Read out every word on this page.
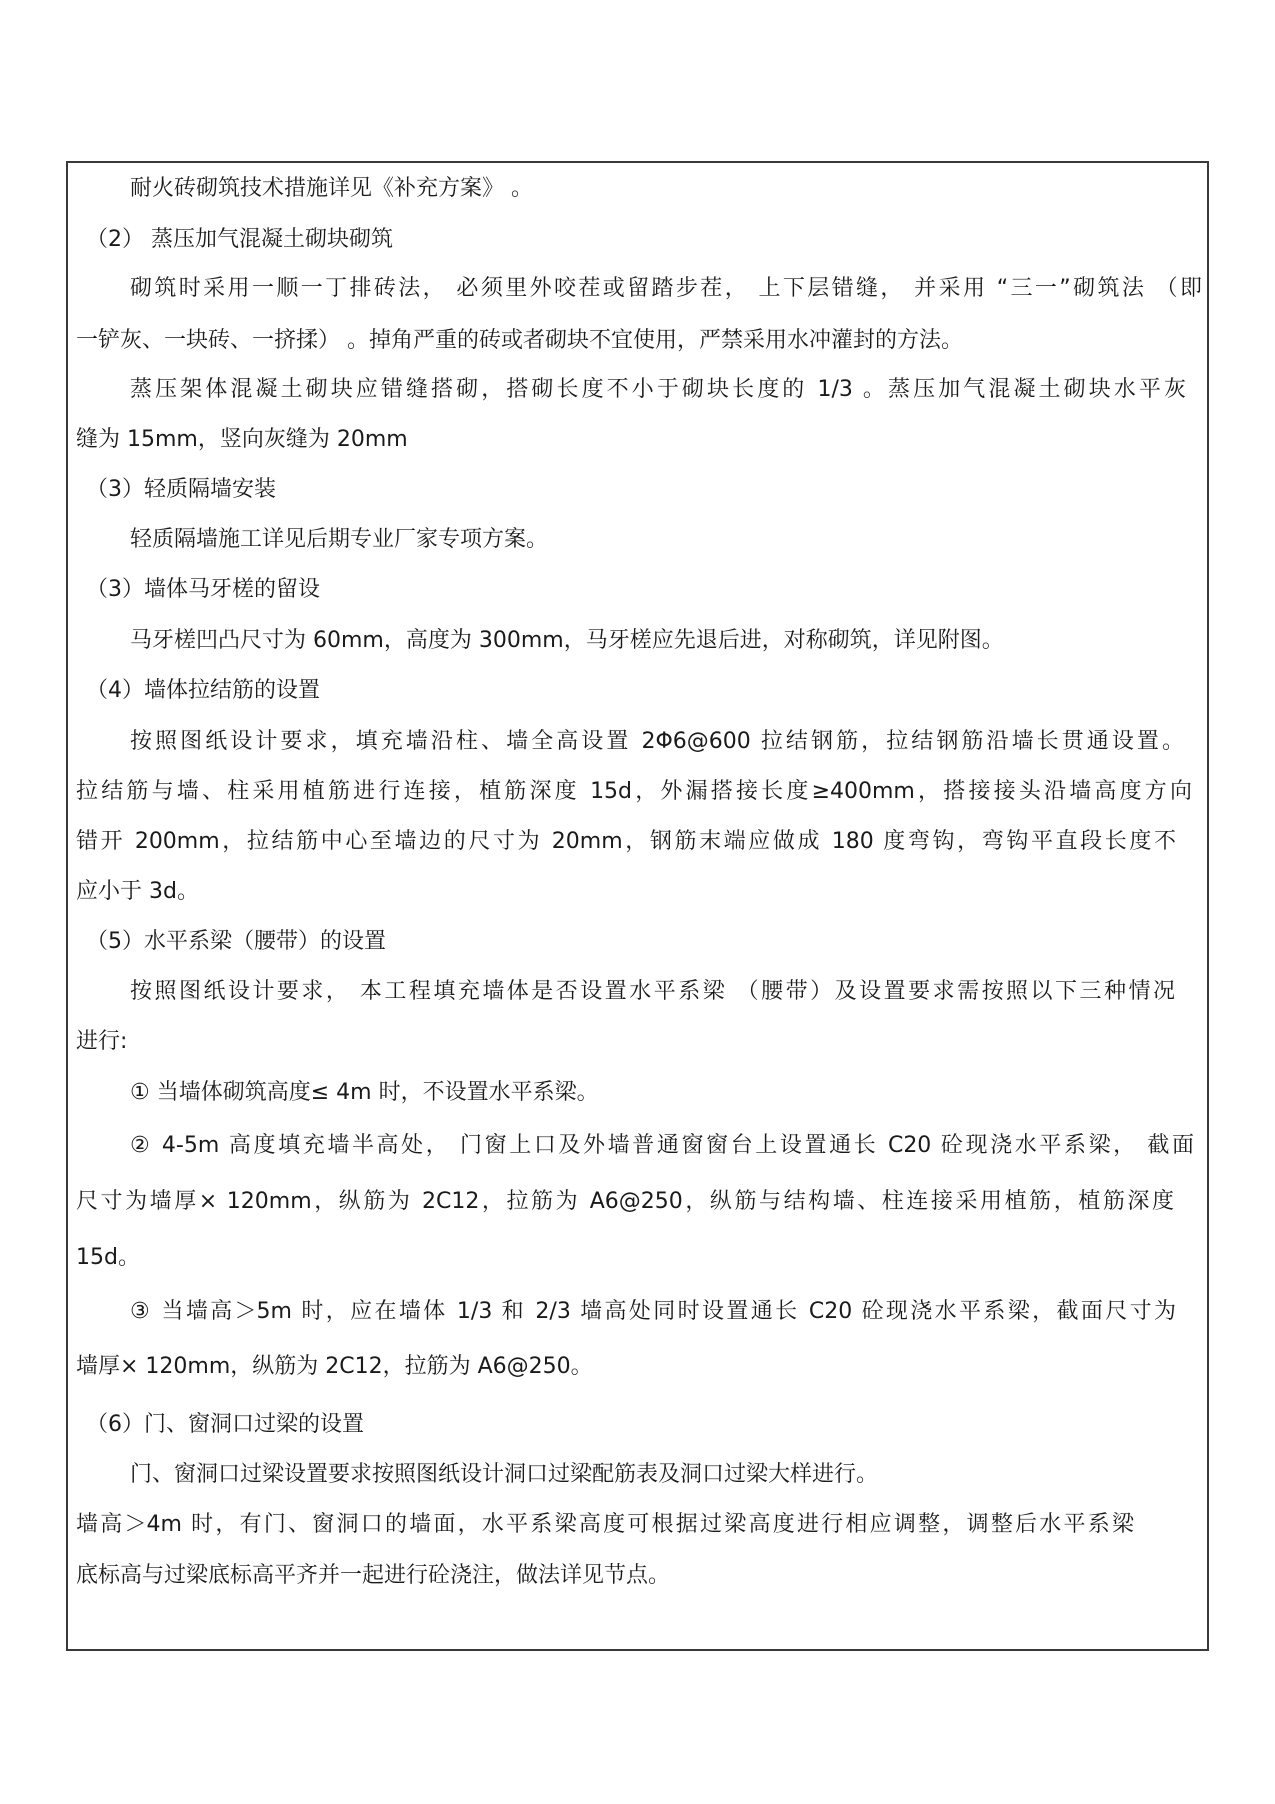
耐火砖砌筑技术措施详见《补充方案》 。
（2） 蒸压加气混凝土砌块砌筑
砌筑时采用一顺一丁排砖法， 必须里外咬茬或留踏步茬， 上下层错缝， 并采用 “三一”砌筑法 （即
一铲灰、一块砖、一挤揉） 。掉角严重的砖或者砌块不宜使用，严禁采用水冲灌封的方法。
蒸压架体混凝土砌块应错缝搭砌，搭砌长度不小于砌块长度的 1/3 。蒸压加气混凝土砌块水平灰
缝为 15mm，竖向灰缝为 20mm
（3）轻质隔墙安装
轻质隔墙施工详见后期专业厂家专项方案。
（3）墙体马牙槎的留设
马牙槎凹凸尺寸为 60mm，高度为 300mm，马牙槎应先退后进，对称砌筑，详见附图。
（4）墙体拉结筋的设置
按照图纸设计要求，填充墙沿柱、墙全高设置 2Φ6@600 拉结钢筋，拉结钢筋沿墙长贯通设置。
拉结筋与墙、柱采用植筋进行连接，植筋深度 15d，外漏搭接长度≥400mm，搭接接头沿墙高度方向
错开 200mm，拉结筋中心至墙边的尺寸为 20mm，钢筋末端应做成 180 度弯钩，弯钩平直段长度不
应小于 3d。
（5）水平系梁（腰带）的设置
按照图纸设计要求， 本工程填充墙体是否设置水平系梁 （腰带）及设置要求需按照以下三种情况
进行:
① 当墙体砌筑高度≤ 4m 时，不设置水平系梁。
② 4-5m 高度填充墙半高处， 门窗上口及外墙普通窗窗台上设置通长 C20 砼现浇水平系梁， 截面
尺寸为墙厚× 120mm，纵筋为 2C12，拉筋为 A6@250，纵筋与结构墙、柱连接采用植筋，植筋深度
15d。
③ 当墙高＞5m 时，应在墙体 1/3 和 2/3 墙高处同时设置通长 C20 砼现浇水平系梁，截面尺寸为
墙厚× 120mm，纵筋为 2C12，拉筋为 A6@250。
（6）门、窗洞口过梁的设置
门、窗洞口过梁设置要求按照图纸设计洞口过梁配筋表及洞口过梁大样进行。
墙高＞4m 时，有门、窗洞口的墙面，水平系梁高度可根据过梁高度进行相应调整，调整后水平系梁
底标高与过梁底标高平齐并一起进行砼浇注，做法详见节点。
